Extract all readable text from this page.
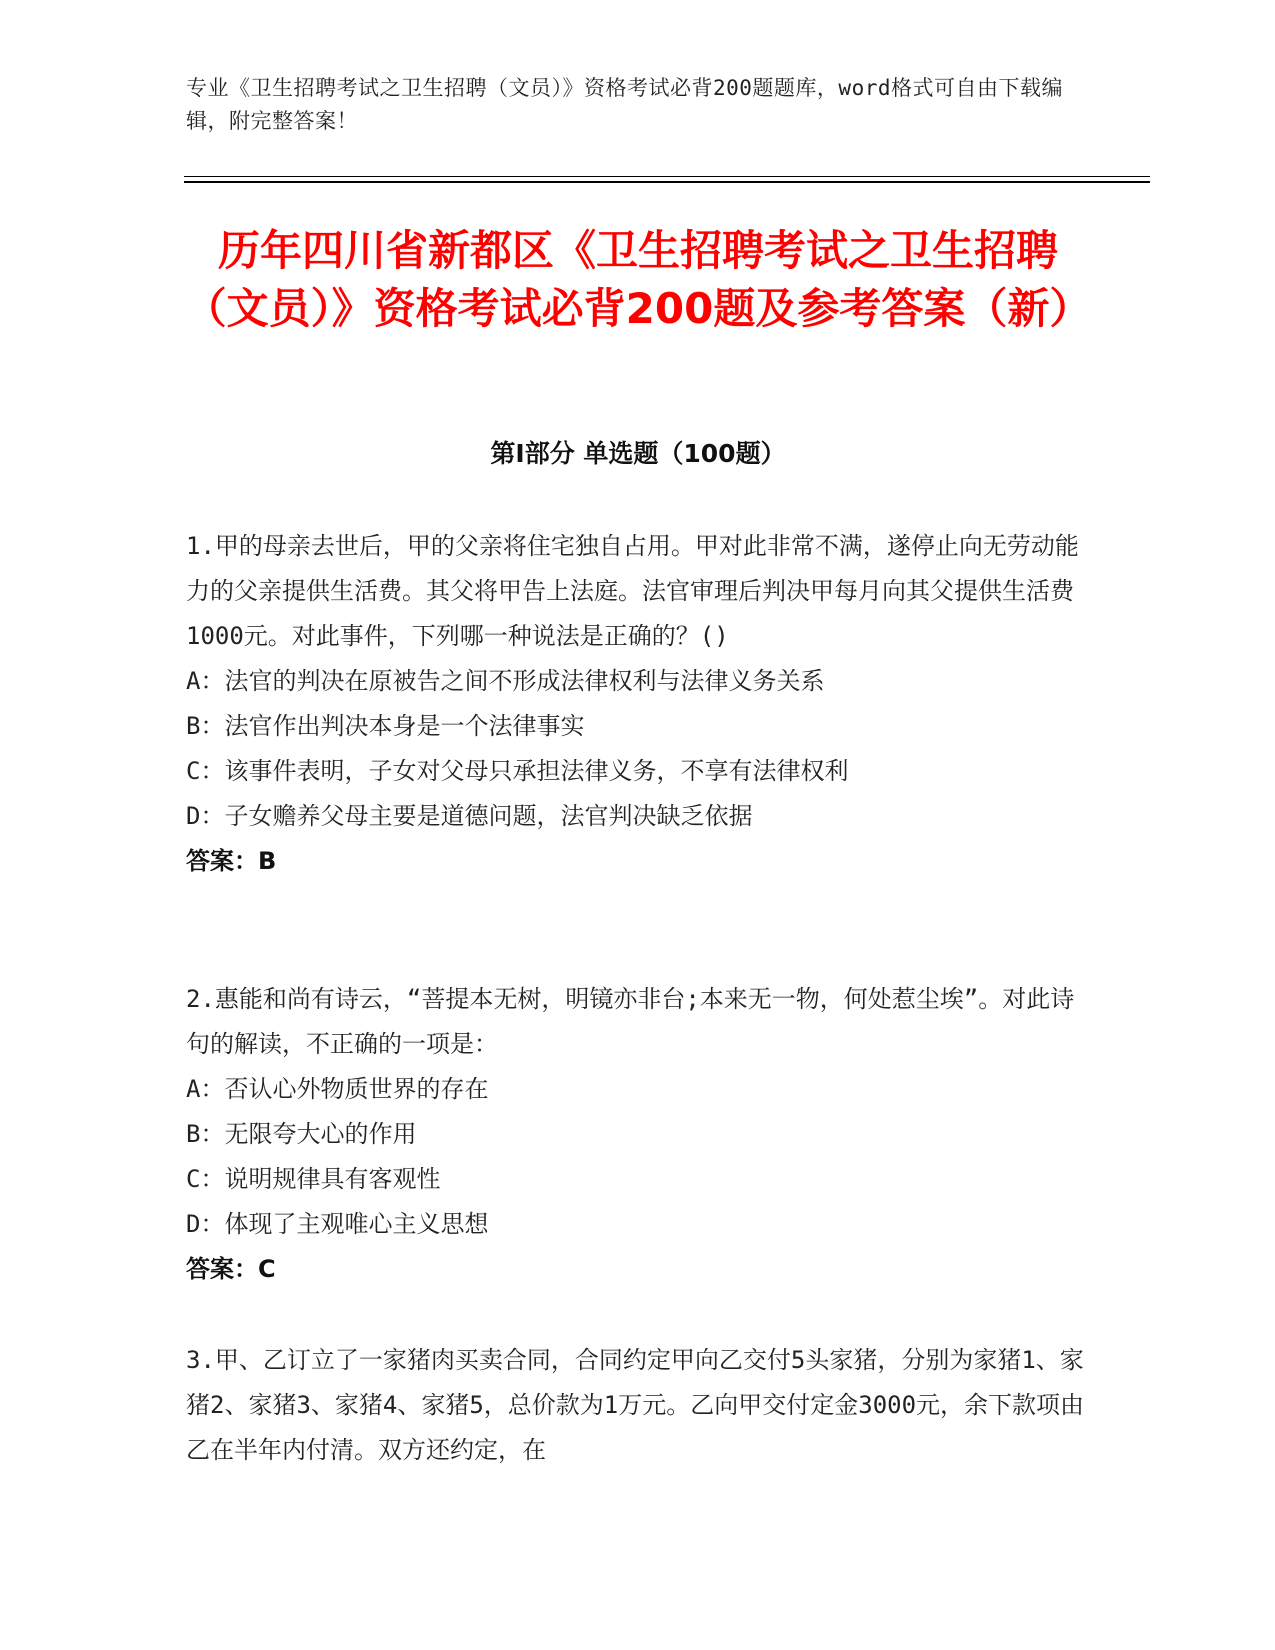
专业《卫生招聘考试之卫生招聘（文员）》资格考试必背200题题库，word格式可自由下载编辑，附完整答案！
历年四川省新都区《卫生招聘考试之卫生招聘（文员）》资格考试必背200题及参考答案（新）
第I部分 单选题（100题）

1.甲的母亲去世后，甲的父亲将住宅独自占用。甲对此非常不满，遂停止向无劳动能力的父亲提供生活费。其父将甲告上法庭。法官审理后判决甲每月向其父提供生活费1000元。对此事件，下列哪一种说法是正确的？()

A：法官的判决在原被告之间不形成法律权利与法律义务关系

B：法官作出判决本身是一个法律事实

C：该事件表明，子女对父母只承担法律义务，不享有法律权利

D：子女赡养父母主要是道德问题，法官判决缺乏依据

答案：B

2.惠能和尚有诗云，“菩提本无树，明镜亦非台;本来无一物，何处惹尘埃”。对此诗句的解读，不正确的一项是：

A：否认心外物质世界的存在

B：无限夸大心的作用

C：说明规律具有客观性

D：体现了主观唯心主义思想

答案：C

3.甲、乙订立了一家猪肉买卖合同，合同约定甲向乙交付5头家猪，分别为家猪1、家猪2、家猪3、家猪4、家猪5，总价款为1万元。乙向甲交付定金3000元，余下款项由乙在半年内付清。双方还约定，在
